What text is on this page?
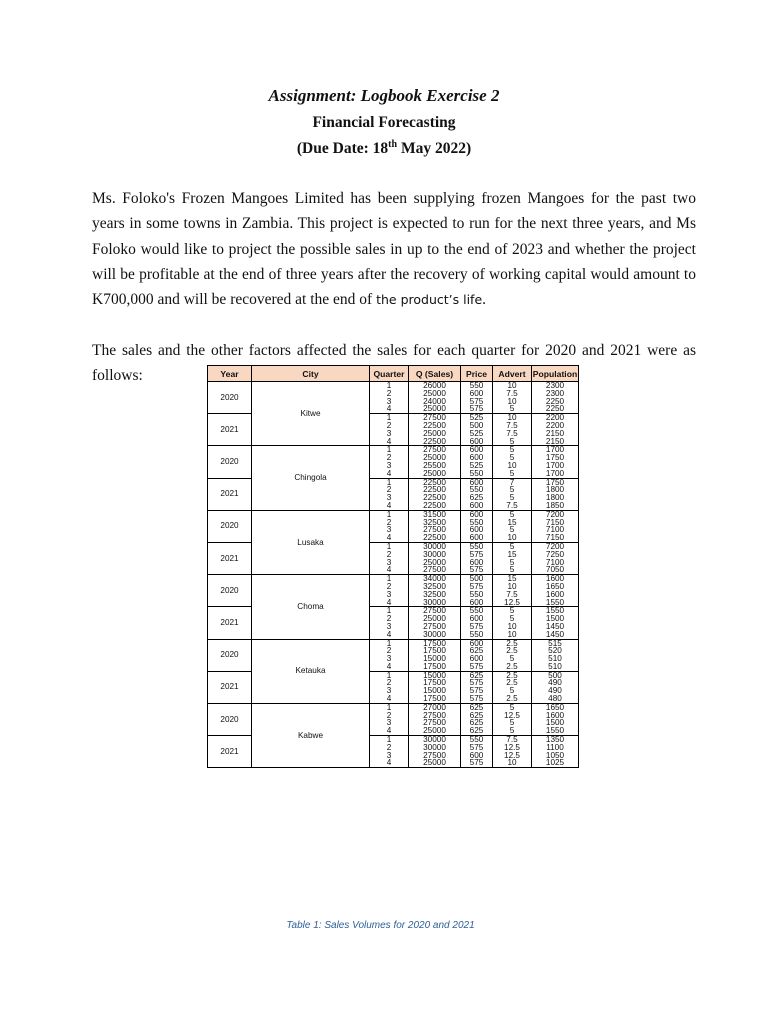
Assignment: Logbook Exercise 2
Financial Forecasting
(Due Date: 18th May 2022)
Ms. Foloko's Frozen Mangoes Limited has been supplying frozen Mangoes for the past two years in some towns in Zambia. This project is expected to run for the next three years, and Ms Foloko would like to project the possible sales in up to the end of 2023 and whether the project will be profitable at the end of three years after the recovery of working capital would amount to K700,000 and will be recovered at the end of the product’s life.
The sales and the other factors affected the sales for each quarter for 2020 and 2021 were as
follows:	Year	City	Quarter	Q (Sales)	Price	Advert	Population
2020	Kitwe	1	26000	550	10	2300
		2	25000	600	7.5	2300
		3	24000	575	10	2250
		4	25000	575	5	2250
2021		1	27500	525	10	2200
		2	22500	500	7.5	2200
		3	25000	525	7.5	2150
		4	22500	600	5	2150
2020	Chingola	1	27500	600	5	1700
		2	25000	600	5	1750
		3	25500	525	10	1700
		4	25000	550	5	1700
2021		1	22500	600	7	1750
		2	22500	550	5	1800
		3	22500	625	5	1800
		4	22500	600	7.5	1850
2020	Lusaka	1	31500	600	5	7200
		2	32500	550	15	7150
		3	27500	600	5	7100
		4	22500	600	10	7150
2021		1	30000	550	5	7200
		2	30000	575	15	7250
		3	25000	600	5	7100
		4	27500	575	5	7050
2020	Choma	1	34000	500	15	1600
		2	32500	575	10	1650
		3	32500	550	7.5	1600
		4	30000	600	12.5	1550
2021		1	27500	550	5	1550
		2	25000	600	5	1500
		3	27500	575	10	1450
		4	30000	550	10	1450
2020	Ketauka	1	17500	600	2.5	515
		2	17500	625	2.5	520
		3	15000	600	5	510
		4	17500	575	2.5	510
2021		1	15000	625	2.5	500
		2	17500	575	2.5	490
		3	15000	575	5	490
		4	17500	575	2.5	480
2020	Kabwe	1	27000	625	5	1650
		2	27500	625	12.5	1600
		3	27500	625	5	1500
		4	25000	625	5	1550
2021		1	30000	550	7.5	1350
		2	30000	575	12.5	1100
		3	27500	600	12.5	1050
		4	25000	575	10	1025
Table 1: Sales Volumes for 2020 and 2021
